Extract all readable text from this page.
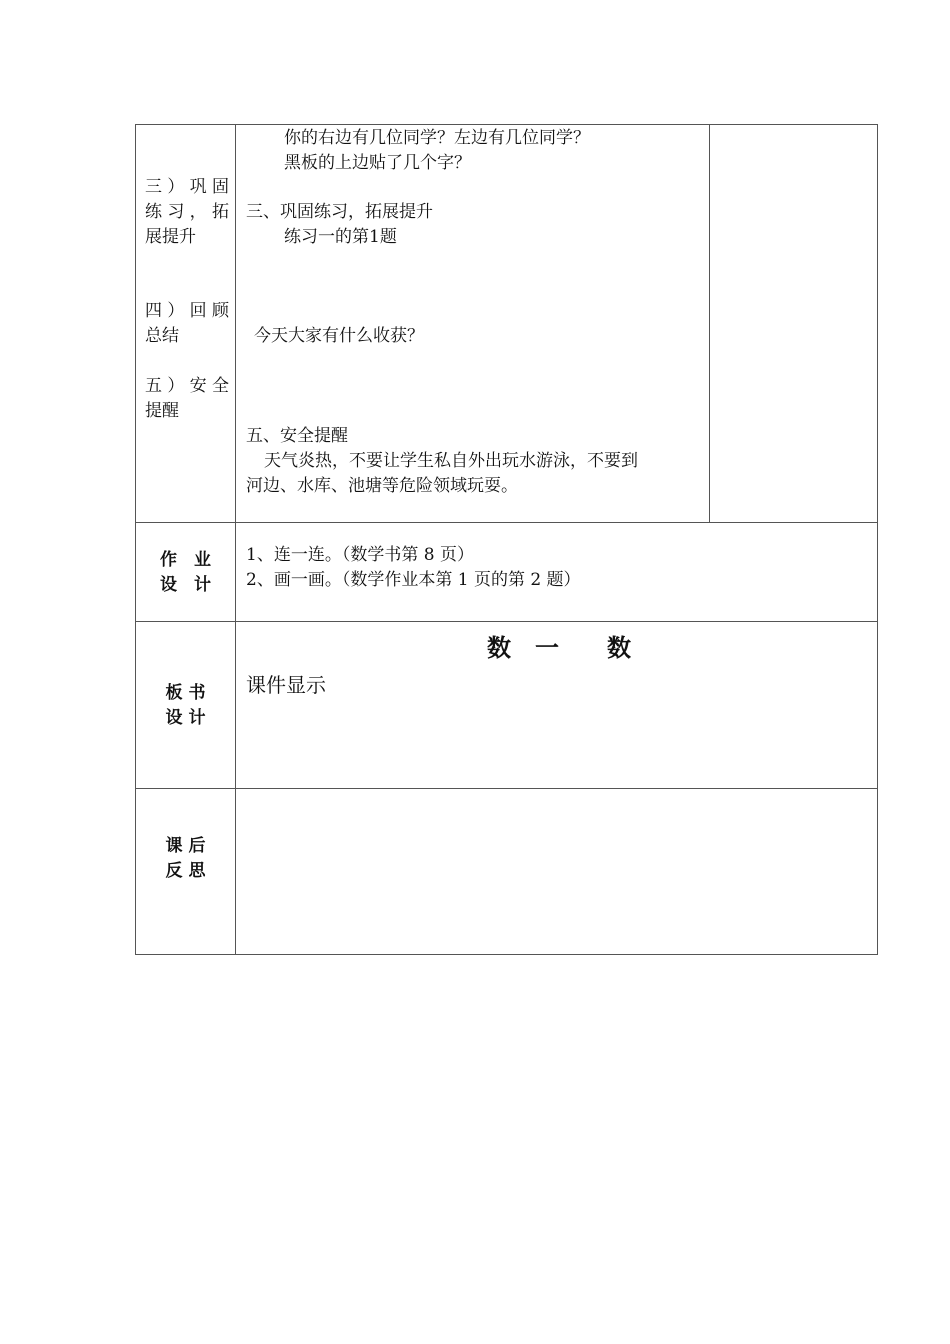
三）巩固
练习，拓
展提升
四）回顾
总结
五）安全
提醒
你的右边有几位同学？左边有几位同学？
黑板的上边贴了几个字？
三、巩固练习，拓展提升
练习一的第1题
今天大家有什么收获？
五、安全提醒
天气炎热，不要让学生私自外出玩水游泳，不要到
河边、水库、池塘等危险领域玩耍。
作　业
设　计
1、连一连。（数学书第 8 页）
2、画一画。（数学作业本第 1 页的第 2 题）
板 书
设 计
数　一　　数
课件显示
课 后
反 思
